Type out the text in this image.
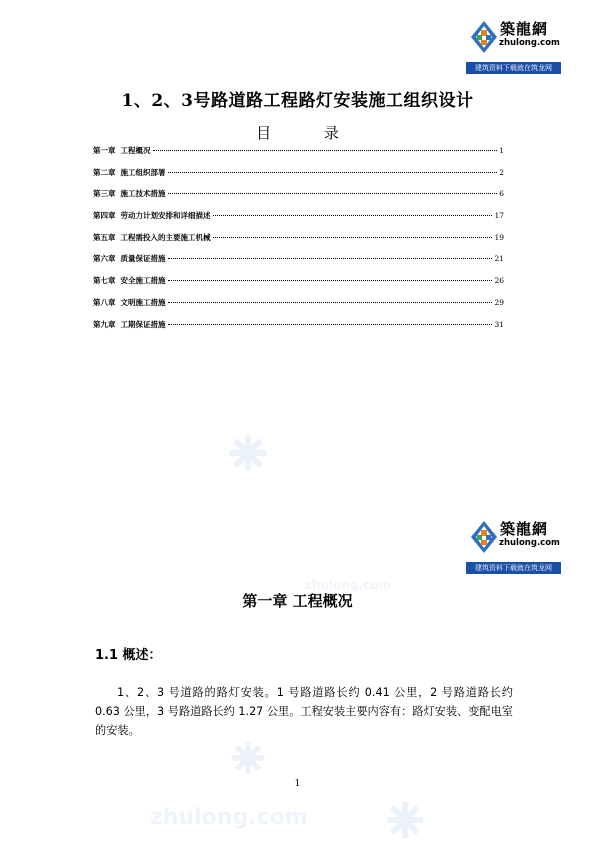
築龍網
zhulong.com
建筑资料下载就在筑龙网
1、2、3号路道路工程路灯安装施工组织设计
目 录
第一章 工程概况	1
第二章 施工组织部署	2
第三章 施工技术措施	6
第四章 劳动力计划安排和详细描述	17
第五章 工程需投入的主要施工机械	19
第六章 质量保证措施	21
第七章 安全施工措施	26
第八章 文明施工措施	29
第九章 工期保证措施	31
zhulong.com
zhulong.com
築龍網
zhulong.com
建筑资料下载就在筑龙网
第一章 工程概况
1.1 概述：
1、2、3 号道路的路灯安装。1 号路道路长约 0.41 公里，2 号路道路长约 0.63 公里，3 号路道路长约 1.27 公里。工程安装主要内容有：路灯安装、变配电室的安装。
1
